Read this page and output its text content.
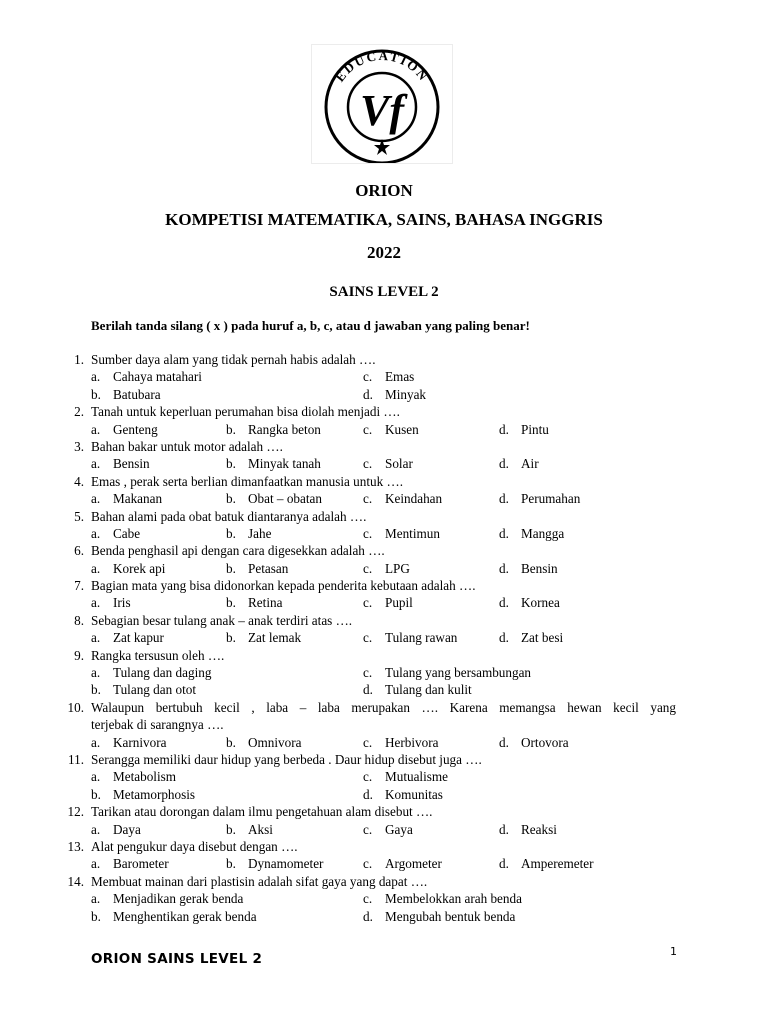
EDUCATION
Vf
ORION
KOMPETISI MATEMATIKA, SAINS, BAHASA INGGRIS
2022
SAINS LEVEL 2
Berilah tanda silang ( x ) pada huruf a, b, c, atau d jawaban yang paling benar!
1. Sumber daya alam yang tidak pernah habis adalah ….
a. Cahaya matahari	c. Emas
b. Batubara	d. Minyak
2. Tanah untuk keperluan perumahan bisa diolah menjadi ….
a. Genteng	b. Rangka beton	c. Kusen	d. Pintu
3. Bahan bakar untuk motor adalah ….
a. Bensin	b. Minyak tanah	c. Solar	d. Air
4. Emas , perak serta berlian dimanfaatkan manusia untuk ….
a. Makanan	b. Obat – obatan	c. Keindahan	d. Perumahan
5. Bahan alami pada obat batuk diantaranya adalah ….
a. Cabe	b. Jahe	c. Mentimun	d. Mangga
6. Benda penghasil api dengan cara digesekkan adalah ….
a. Korek api	b. Petasan	c. LPG	d. Bensin
7. Bagian mata yang bisa didonorkan kepada penderita kebutaan adalah ….
a. Iris	b. Retina	c. Pupil	d. Kornea
8. Sebagian besar tulang anak – anak terdiri atas ….
a. Zat kapur	b. Zat lemak	c. Tulang rawan	d. Zat besi
9. Rangka tersusun oleh ….
a. Tulang dan daging	c. Tulang yang bersambungan
b. Tulang dan otot	d. Tulang dan kulit
10. Walaupun bertubuh kecil , laba – laba merupakan …. Karena memangsa hewan kecil yang
terjebak di sarangnya ….
a. Karnivora	b. Omnivora	c. Herbivora	d. Ortovora
11. Serangga memiliki daur hidup yang berbeda . Daur hidup disebut juga ….
a. Metabolism	c. Mutualisme
b. Metamorphosis	d. Komunitas
12. Tarikan atau dorongan dalam ilmu pengetahuan alam disebut ….
a. Daya	b. Aksi	c. Gaya	d. Reaksi
13. Alat pengukur daya disebut dengan ….
a. Barometer	b. Dynamometer	c. Argometer	d. Amperemeter
14. Membuat mainan dari plastisin adalah sifat gaya yang dapat ….
a. Menjadikan gerak benda	c. Membelokkan arah benda
b. Menghentikan gerak benda	d. Mengubah bentuk benda
ORION SAINS LEVEL 2	1
